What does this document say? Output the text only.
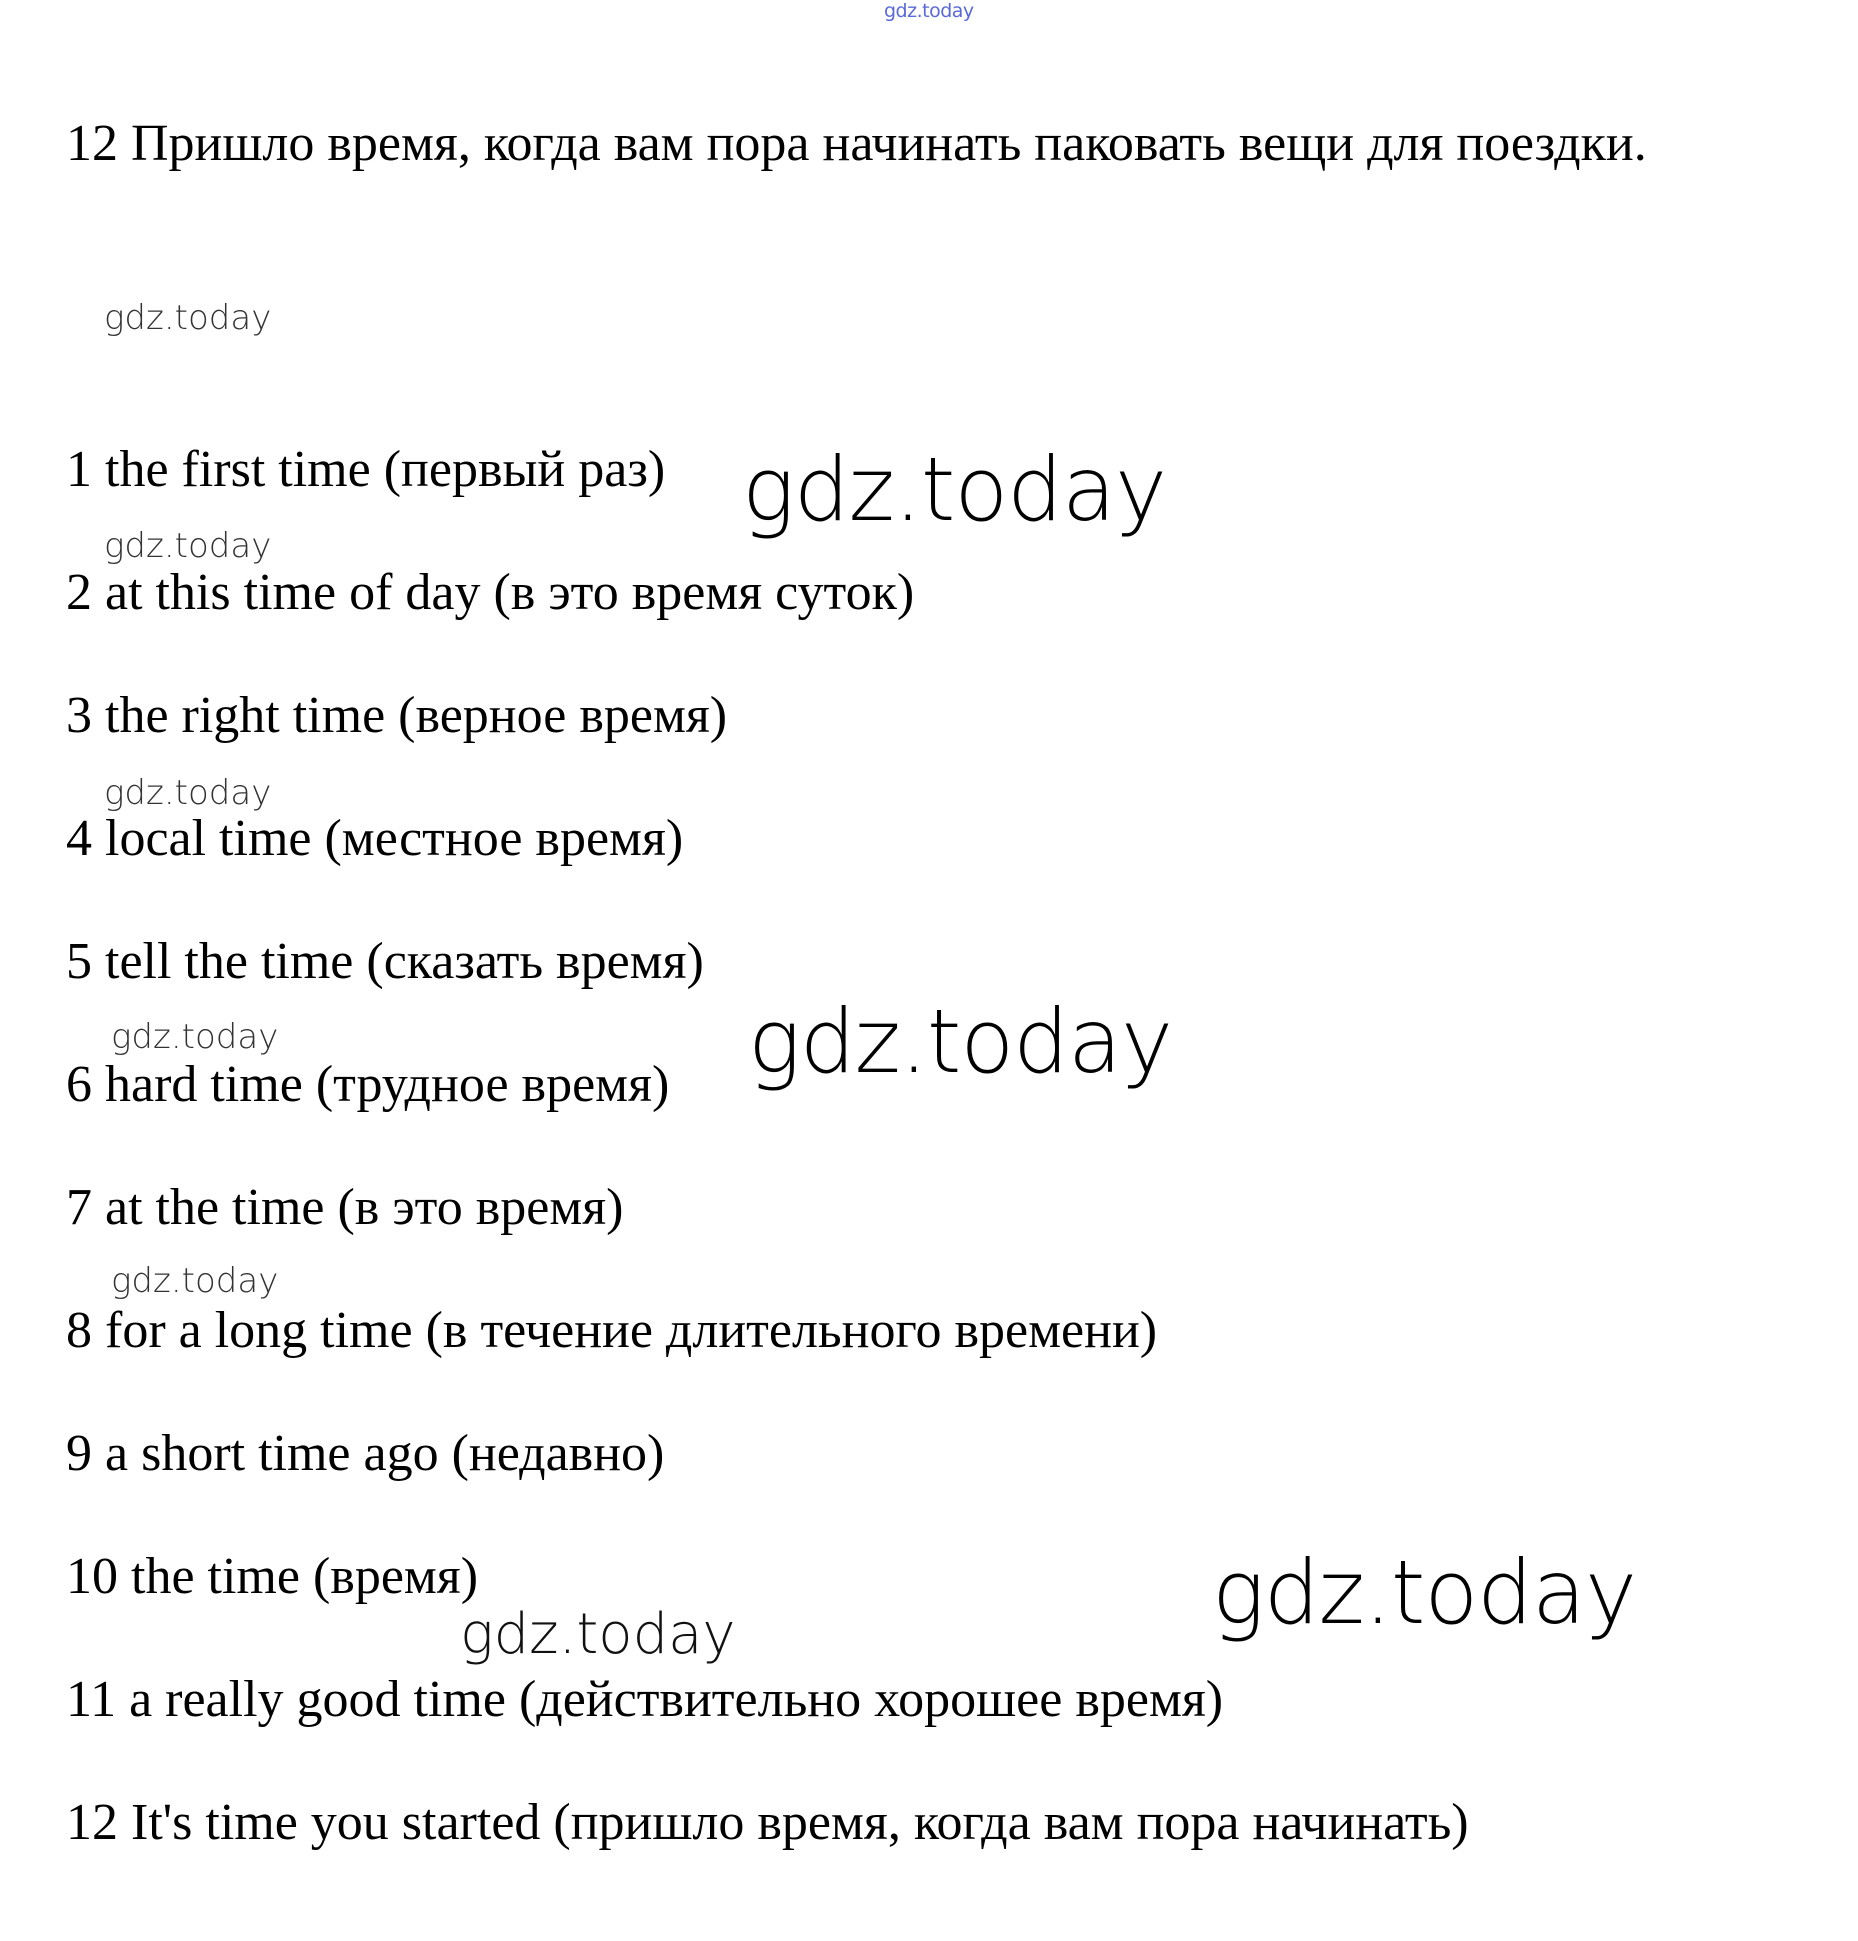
gdz.today
12 Пришло время, когда вам пора начинать паковать вещи для поездки.
gdz.today
1 the first time (первый раз) gdz.today
gdz.today
2 at this time of day (в это время суток)
3 the right time (верное время)
gdz.today
4 local time (местное время)
5 tell the time (сказать время)
gdz.today	gdz.today
6 hard time (трудное время)
7 at the time (в это время)
gdz.today
8 for a long time (в течение длительного времени)
9 a short time ago (недавно)
10 the time (время)	gdz.today
gdz.today
11 a really good time (действительно хорошее время)
12 It's time you started (пришло время, когда вам пора начинать)
